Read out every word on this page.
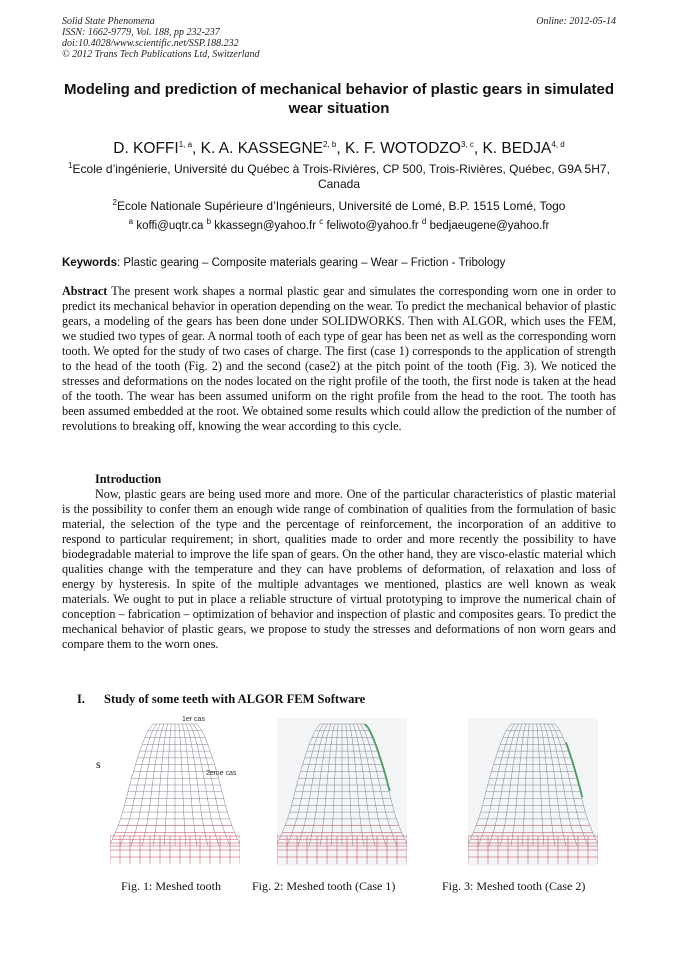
Solid State Phenomena
ISSN: 1662-9779, Vol. 188, pp 232-237
doi:10.4028/www.scientific.net/SSP.188.232
© 2012 Trans Tech Publications Ltd, Switzerland
Online: 2012-05-14
Modeling and prediction of mechanical behavior of plastic gears in simulated wear situation
D. KOFFI$^{1, a}$, K. A. KASSEGNE$^{2, b}$, K. F. WOTODZO$^{3, c}$, K. BEDJA$^{4, d}$
$^1$Ecole d’ingénierie, Université du Québec à Trois-Rivières, CP 500, Trois-Rivières, Québec, G9A 5H7, Canada
$^2$Ecole Nationale Supérieure d’Ingénieurs, Université de Lomé, B.P. 1515 Lomé, Togo
$^a$ koffi@uqtr.ca $^b$ kkassegn@yahoo.fr $^c$ feliwoto@yahoo.fr $^d$ bedjaeugene@yahoo.fr
Keywords: Plastic gearing – Composite materials gearing – Wear – Friction - Tribology
Abstract The present work shapes a normal plastic gear and simulates the corresponding worn one in order to predict its mechanical behavior in operation depending on the wear. To predict the mechanical behavior of plastic gears, a modeling of the gears has been done under SOLIDWORKS. Then with ALGOR, which uses the FEM, we studied two types of gear. A normal tooth of each type of gear has been net as well as the corresponding worn tooth. We opted for the study of two cases of charge. The first (case 1) corresponds to the application of strength to the head of the tooth (Fig. 2) and the second (case2) at the pitch point of the tooth (Fig. 3). We noticed the stresses and deformations on the nodes located on the right profile of the tooth, the first node is taken at the head of the tooth. The wear has been assumed uniform on the right profile from the head to the root. The tooth has been assumed embedded at the root. We obtained some results which could allow the prediction of the number of revolutions to breaking off, knowing the wear according to this cycle.
Introduction
Now, plastic gears are being used more and more. One of the particular characteristics of plastic material is the possibility to confer them an enough wide range of combination of qualities from the formulation of basic material, the selection of the type and the percentage of reinforcement, the incorporation of an additive to respond to particular requirement; in short, qualities made to order and more recently the possibility to have biodegradable material to improve the life span of gears. On the other hand, they are visco-elastic material which qualities change with the temperature and they can have problems of deformation, of relaxation and loss of energy by hysteresis. In spite of the multiple advantages we mentioned, plastics are well known as weak materials. We ought to put in place a reliable structure of virtual prototyping to improve the numerical chain of conception – fabrication – optimization of behavior and inspection of plastic and composites gears. To predict the mechanical behavior of plastic gears, we propose to study the stresses and deformations of non worn gears and compare them to the worn ones.
I. Study of some teeth with ALGOR FEM Software
s
1er cas
2eme cas
Fig. 1: Meshed tooth	Fig. 2: Meshed tooth (Case 1)	Fig. 3: Meshed tooth (Case 2)
